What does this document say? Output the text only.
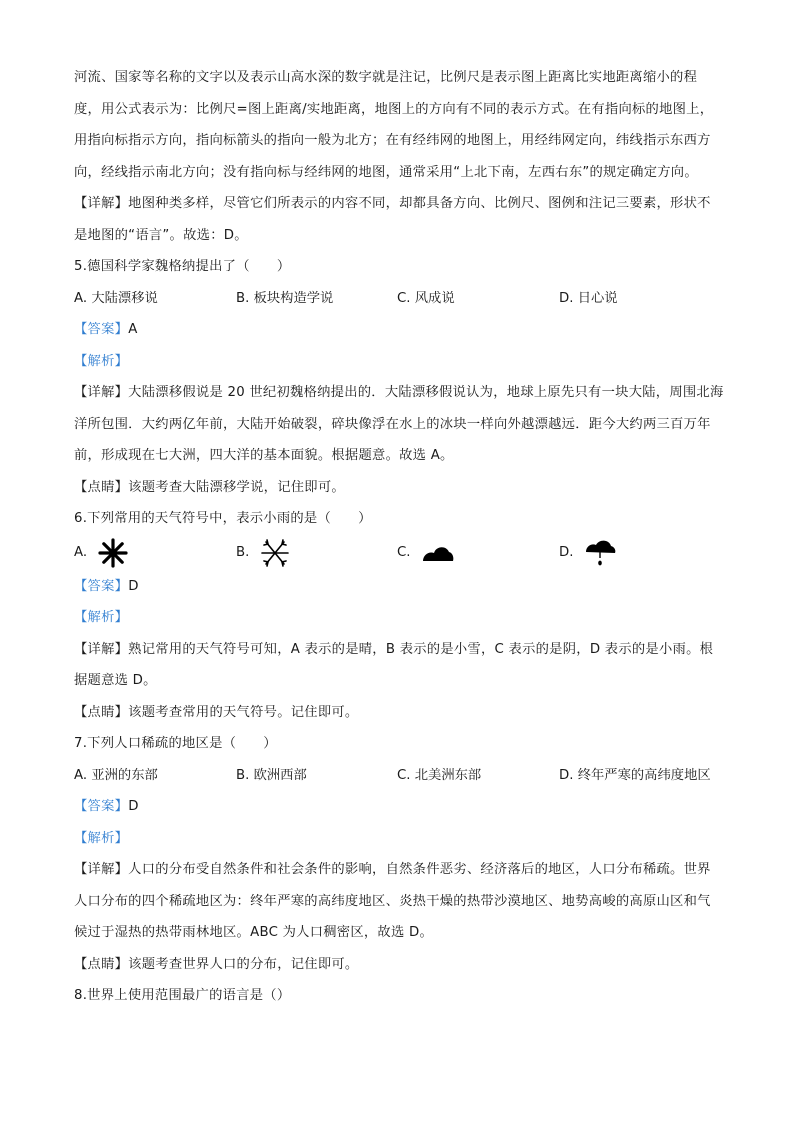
河流、国家等名称的文字以及表示山高水深的数字就是注记，比例尺是表示图上距离比实地距离缩小的程度，用公式表示为：比例尺=图上距离/实地距离，地图上的方向有不同的表示方式。在有指向标的地图上，用指向标指示方向，指向标箭头的指向一般为北方；在有经纬网的地图上，用经纬网定向，纬线指示东西方向，经线指示南北方向；没有指向标与经纬网的地图，通常采用“上北下南，左西右东”的规定确定方向。

【详解】地图种类多样，尽管它们所表示的内容不同，却都具备方向、比例尺、图例和注记三要素，形状不是地图的“语言”。故选：D。

5.德国科学家魏格纳提出了（　　）
A. 大陆漂移说	B. 板块构造学说	C. 风成说	D. 日心说
【答案】A
【解析】

【详解】大陆漂移假说是 20 世纪初魏格纳提出的．大陆漂移假说认为，地球上原先只有一块大陆，周围北海洋所包围．大约两亿年前，大陆开始破裂，碎块像浮在水上的冰块一样向外越漂越远．距今大约两三百万年前，形成现在七大洲，四大洋的基本面貌。根据题意。故选 A。

【点睛】该题考查大陆漂移学说，记住即可。
6.下列常用的天气符号中，表示小雨的是（　　）
A.	B.	C.	D.
【答案】D
【解析】

【详解】熟记常用的天气符号可知，A 表示的是晴，B 表示的是小雪，C 表示的是阴，D 表示的是小雨。根据题意选 D。

【点睛】该题考查常用的天气符号。记住即可。
7.下列人口稀疏的地区是（　　）
A. 亚洲的东部	B. 欧洲西部	C. 北美洲东部	D. 终年严寒的高纬度地区
【答案】D
【解析】

【详解】人口的分布受自然条件和社会条件的影响，自然条件恶劣、经济落后的地区，人口分布稀疏。世界人口分布的四个稀疏地区为：终年严寒的高纬度地区、炎热干燥的热带沙漠地区、地势高峻的高原山区和气候过于湿热的热带雨林地区。ABC 为人口稠密区，故选 D。

【点睛】该题考查世界人口的分布，记住即可。
8.世界上使用范围最广的语言是（）
